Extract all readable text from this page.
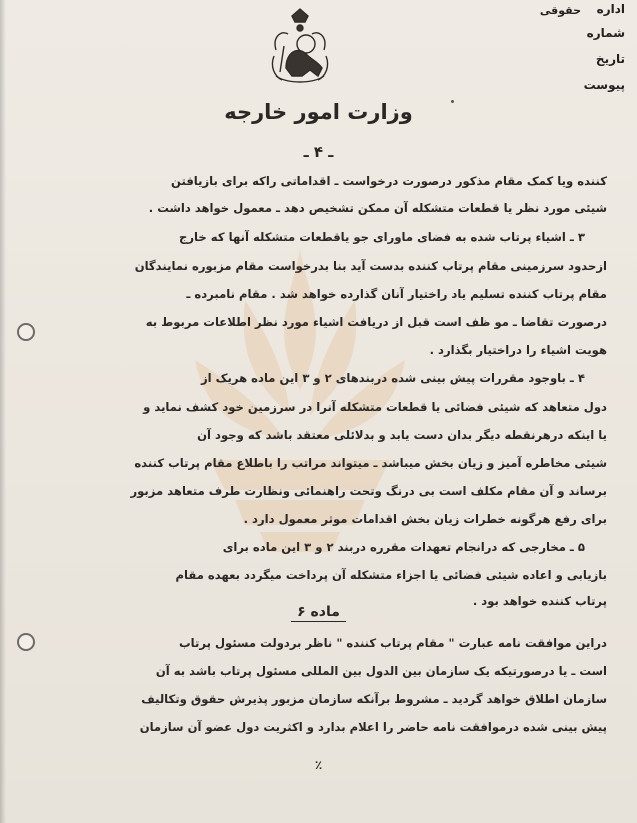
اداره
حقوقی
شماره
تاریخ
پیوست
وزارت امور خارجه
ـ ۴ ـ
کننده ویا کمک مقام مذکور درصورت درخواست ـ اقداماتی راکه برای بازیافتن
شیئی مورد نظر یا قطعات متشکله آن ممکن تشخیص دهد ـ معمول خواهد داشت .
۳ ـ اشیاء پرتاب شده به فضای ماورای جو یاقطعات متشکله آنها که خارج
ازحدود سرزمینی مقام پرتاب کننده بدست آید بنا بدرخواست مقام مزبوره نمایندگان
مقام پرتاب کننده تسلیم یاد راختیار آنان گذارده خواهد شد . مقام نامبرده ـ
درصورت تقاضا ـ مو ظف است قبل از دریافت اشیاء مورد نظر اطلاعات مربوط به
هویت اشیاء را دراختیار بگذارد .
۴ ـ باوجود مقررات پیش بینی شده دربندهای ۲ و ۳ این ماده هریک از
دول متعاهد که شیئی فضائی یا قطعات متشکله آنرا در سرزمین خود کشف نماید و
یا اینکه درهرنقطه دیگر بدان دست یابد و بدلائلی معتقد باشد که وجود آن
شیئی مخاطره آمیز و زیان بخش میباشد ـ میتواند مراتب را باطلاع مقام پرتاب کننده
برساند و آن مقام مکلف است بی درنگ وتحت راهنمائی ونظارت طرف متعاهد مزبور
برای رفع هرگونه خطرات زیان بخش اقدامات موثر معمول دارد .
۵ ـ مخارجی که درانجام تعهدات مقرره دربند ۲ و ۳ این ماده برای
بازیابی و اعاده شیئی فضائی یا اجزاء متشکله آن پرداخت میگردد بعهده مقام
پرتاب کننده خواهد بود .
ماده ۶
دراین موافقت نامه عبارت " مقام پرتاب کننده " ناظر بردولت مسئول پرتاب
است ـ یا درصورتیکه یک سازمان بین الدول بین المللی مسئول پرتاب باشد به آن
سازمان اطلاق خواهد گردید ـ مشروط برآنکه سازمان مزبور پذیرش حقوق وتکالیف
پیش بینی شده درموافقت نامه حاضر را اعلام بدارد و اکثریت دول عضو آن سازمان
٪
